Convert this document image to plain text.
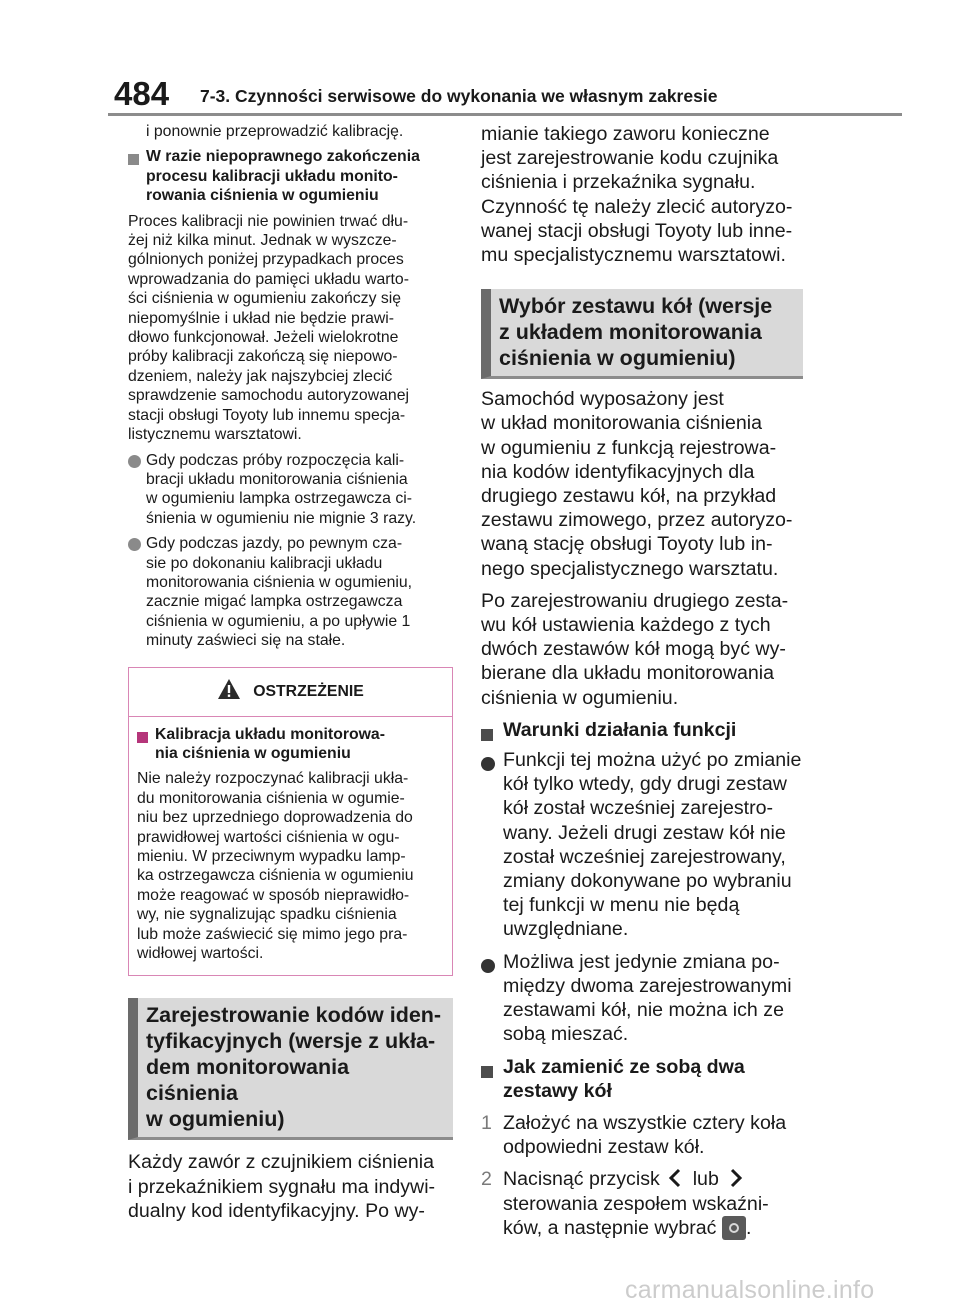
484 7-3. Czynności serwisowe do wykonania we własnym zakresie

i ponownie przeprowadzić kalibrację.

W razie niepoprawnego zakończenia
procesu kalibracji układu monito-
rowania ciśnienia w ogumieniu
Proces kalibracji nie powinien trwać dłu-
żej niż kilka minut. Jednak w wyszcze-
gólnionych poniżej przypadkach proces
wprowadzania do pamięci układu warto-
ści ciśnienia w ogumieniu zakończy się
niepomyślnie i układ nie będzie prawi-
dłowo funkcjonował. Jeżeli wielokrotne
próby kalibracji zakończą się niepowo-
dzeniem, należy jak najszybciej zlecić
sprawdzenie samochodu autoryzowanej
stacji obsługi Toyoty lub innemu specja-
listycznemu warsztatowi.
Gdy podczas próby rozpoczęcia kali-
bracji układu monitorowania ciśnienia
w ogumieniu lampka ostrzegawcza ci-
śnienia w ogumieniu nie mignie 3 razy.
Gdy podczas jazdy, po pewnym cza-
sie po dokonaniu kalibracji układu
monitorowania ciśnienia w ogumieniu,
zacznie migać lampka ostrzegawcza
ciśnienia w ogumieniu, a po upływie 1
minuty zaświeci się na stałe.
OSTRZEŻENIE
Kalibracja układu monitorowa-
nia ciśnienia w ogumieniu
Nie należy rozpoczynać kalibracji ukła-
du monitorowania ciśnienia w ogumie-
niu bez uprzedniego doprowadzenia do
prawidłowej wartości ciśnienia w ogu-
mieniu. W przeciwnym wypadku lamp-
ka ostrzegawcza ciśnienia w ogumieniu
może reagować w sposób nieprawidło-
wy, nie sygnalizując spadku ciśnienia
lub może zaświecić się mimo jego pra-
widłowej wartości.
Zarejestrowanie kodów iden-
tyfikacyjnych (wersje z ukła-
dem monitorowania ciśnienia
w ogumieniu)
Każdy zawór z czujnikiem ciśnienia
i przekaźnikiem sygnału ma indywi-
dualny kod identyfikacyjny. Po wy-
mianie takiego zaworu konieczne
jest zarejestrowanie kodu czujnika
ciśnienia i przekaźnika sygnału.
Czynność tę należy zlecić autoryzo-
wanej stacji obsługi Toyoty lub inne-
mu specjalistycznemu warsztatowi.
Wybór zestawu kół (wersje
z układem monitorowania
ciśnienia w ogumieniu)
Samochód wyposażony jest
w układ monitorowania ciśnienia
w ogumieniu z funkcją rejestrowa-
nia kodów identyfikacyjnych dla
drugiego zestawu kół, na przykład
zestawu zimowego, przez autoryzo-
waną stację obsługi Toyoty lub in-
nego specjalistycznego warsztatu.
Po zarejestrowaniu drugiego zesta-
wu kół ustawienia każdego z tych
dwóch zestawów kół mogą być wy-
bierane dla układu monitorowania
ciśnienia w ogumieniu.
Warunki działania funkcji
Funkcji tej można użyć po zmianie
kół tylko wtedy, gdy drugi zestaw
kół został wcześniej zarejestro-
wany. Jeżeli drugi zestaw kół nie
został wcześniej zarejestrowany,
zmiany dokonywane po wybraniu
tej funkcji w menu nie będą
uwzględniane.
Możliwa jest jedynie zmiana po-
między dwoma zarejestrowanymi
zestawami kół, nie można ich ze
sobą mieszać.
Jak zamienić ze sobą dwa
zestawy kół
1 Założyć na wszystkie cztery koła
odpowiedni zestaw kół.
2 Nacisnąć przycisk lub
sterowania zespołem wskaźni-
ków, a następnie wybrać .
carmanualsonline.info
